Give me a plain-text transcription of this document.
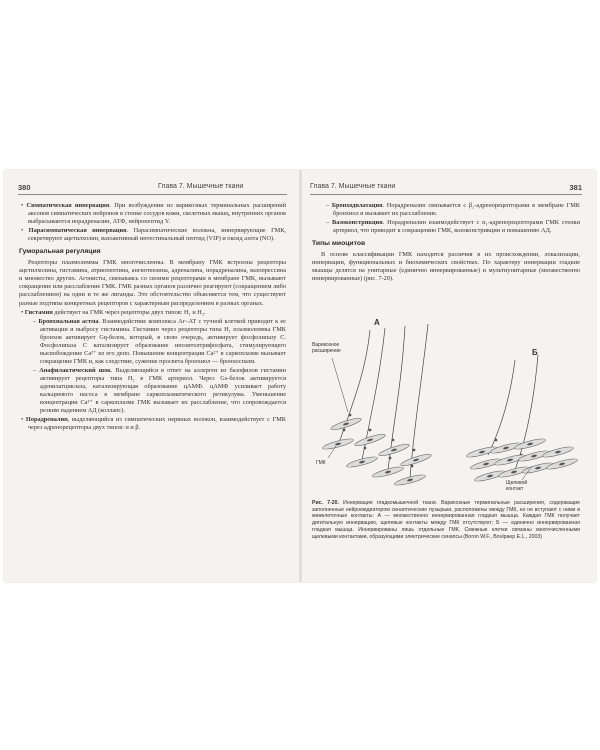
380	Глава 7. Мышечные ткани
• Симпатическая иннервация. При возбуждении из варикозных терминальных расширений аксонов симпатических нейронов в стенке сосудов кожи, скелетных мышц, внутренних органов выбрасываются норадреналин, АТФ, нейропептид Y.
• Парасимпатическая иннервация. Парасимпатические волокна, иннервирующие ГМК, секретируют ацетилхолин, вазоактивный интестинальный пептид (VIP) и оксид азота (NO).
Гуморальная регуляция

Рецепторы плазмолеммы ГМК многочисленны. В мембрану ГМК встроены рецепторы ацетилхолина, гистамина, атриопептина, ангиотензина, адреналина, норадреналина, вазопрессина и множество других. Агонисты, связываясь со своими рецепторами в мембране ГМК, вызывают сокращение или расслабление ГМК. ГМК разных органов различно реагируют (сокращением либо расслаблением) на одни и те же лиганды. Это обстоятельство объясняется тем, что существуют разные подтипы конкретных рецепторов с характерным распределением в разных органах.

• Гистамин действует на ГМК через рецепторы двух типов: H₁ и H₂.
– Бронхиальная астма. Взаимодействие комплекса Аг–АТ с тучной клеткой приводит к ее активации и выбросу гистамина. Гистамин через рецепторы типа H₁ плазмолеммы ГМК бронхов активирует Gq-белок, который, в свою очередь, активирует фосфолипазу C. Фосфолипаза C катализирует образование инозитолтрифосфата, стимулирующего высвобождение Ca²⁺ из его депо. Повышение концентрации Ca²⁺ в саркоплазме вызывает сокращение ГМК и, как следствие, сужение просвета бронхиол — бронхоспазм.
– Анафилактический шок. Выделяющийся в ответ на аллерген из базофилов гистамин активирует рецепторы типа H₂ в ГМК артериол. Через Gs-белок активируется аденилатциклаза, катализирующая образование цАМФ. цАМФ усиливает работу кальциевого насоса в мембране саркоплазматического ретикулума. Уменьшение концентрации Ca²⁺ в саркоплазме ГМК вызывает их расслабление, что сопровождается резким падением АД (коллапс).
• Норадреналин, выделяющийся из симпатических нервных волокон, взаимодействует с ГМК через адренорецепторы двух типов: α и β.
Глава 7. Мышечные ткани	381
– Бронходилатация. Норадреналин связывается с β₂-адренорецепторами в мембране ГМК бронхиол и вызывает их расслабление.
– Вазоконстрикция. Норадреналин взаимодействует с α₁-адренорецепторами ГМК стенки артериол, что приводит к сокращению ГМК, вазоконстрикции и повышению АД.
Типы миоцитов

В основе классификации ГМК находятся различия в их происхождении, локализации, иннервации, функциональных и биохимических свойствах. По характеру иннервации гладкие мышцы делятся на унитарные (единично иннервированные) и мультиунитарные (множественно иннервированные) (рис. 7-20).

A
Б
Варикозное расширение
ГМК
Щелевой контакт
Рис. 7-20. Иннервация гладкомышечной ткани. Варикозные терминальные расширения, содержащие заполненные нейромедиатором синаптические пузырьки, расположены между ГМК, но не вступают с ними в межклеточные контакты: А — множественно иннервированная гладкая мышца. Каждая ГМК получает дигитальную иннервацию, щелевые контакты между ГМК отсутствуют; Б — единично иннервированная гладкая мышца. Иннервированы лишь отдельные ГМК. Смежные клетки связаны многочисленными щелевыми контактами, образующими электрические синапсы (Boron W.F., Boulpaep E.L., 2003)
